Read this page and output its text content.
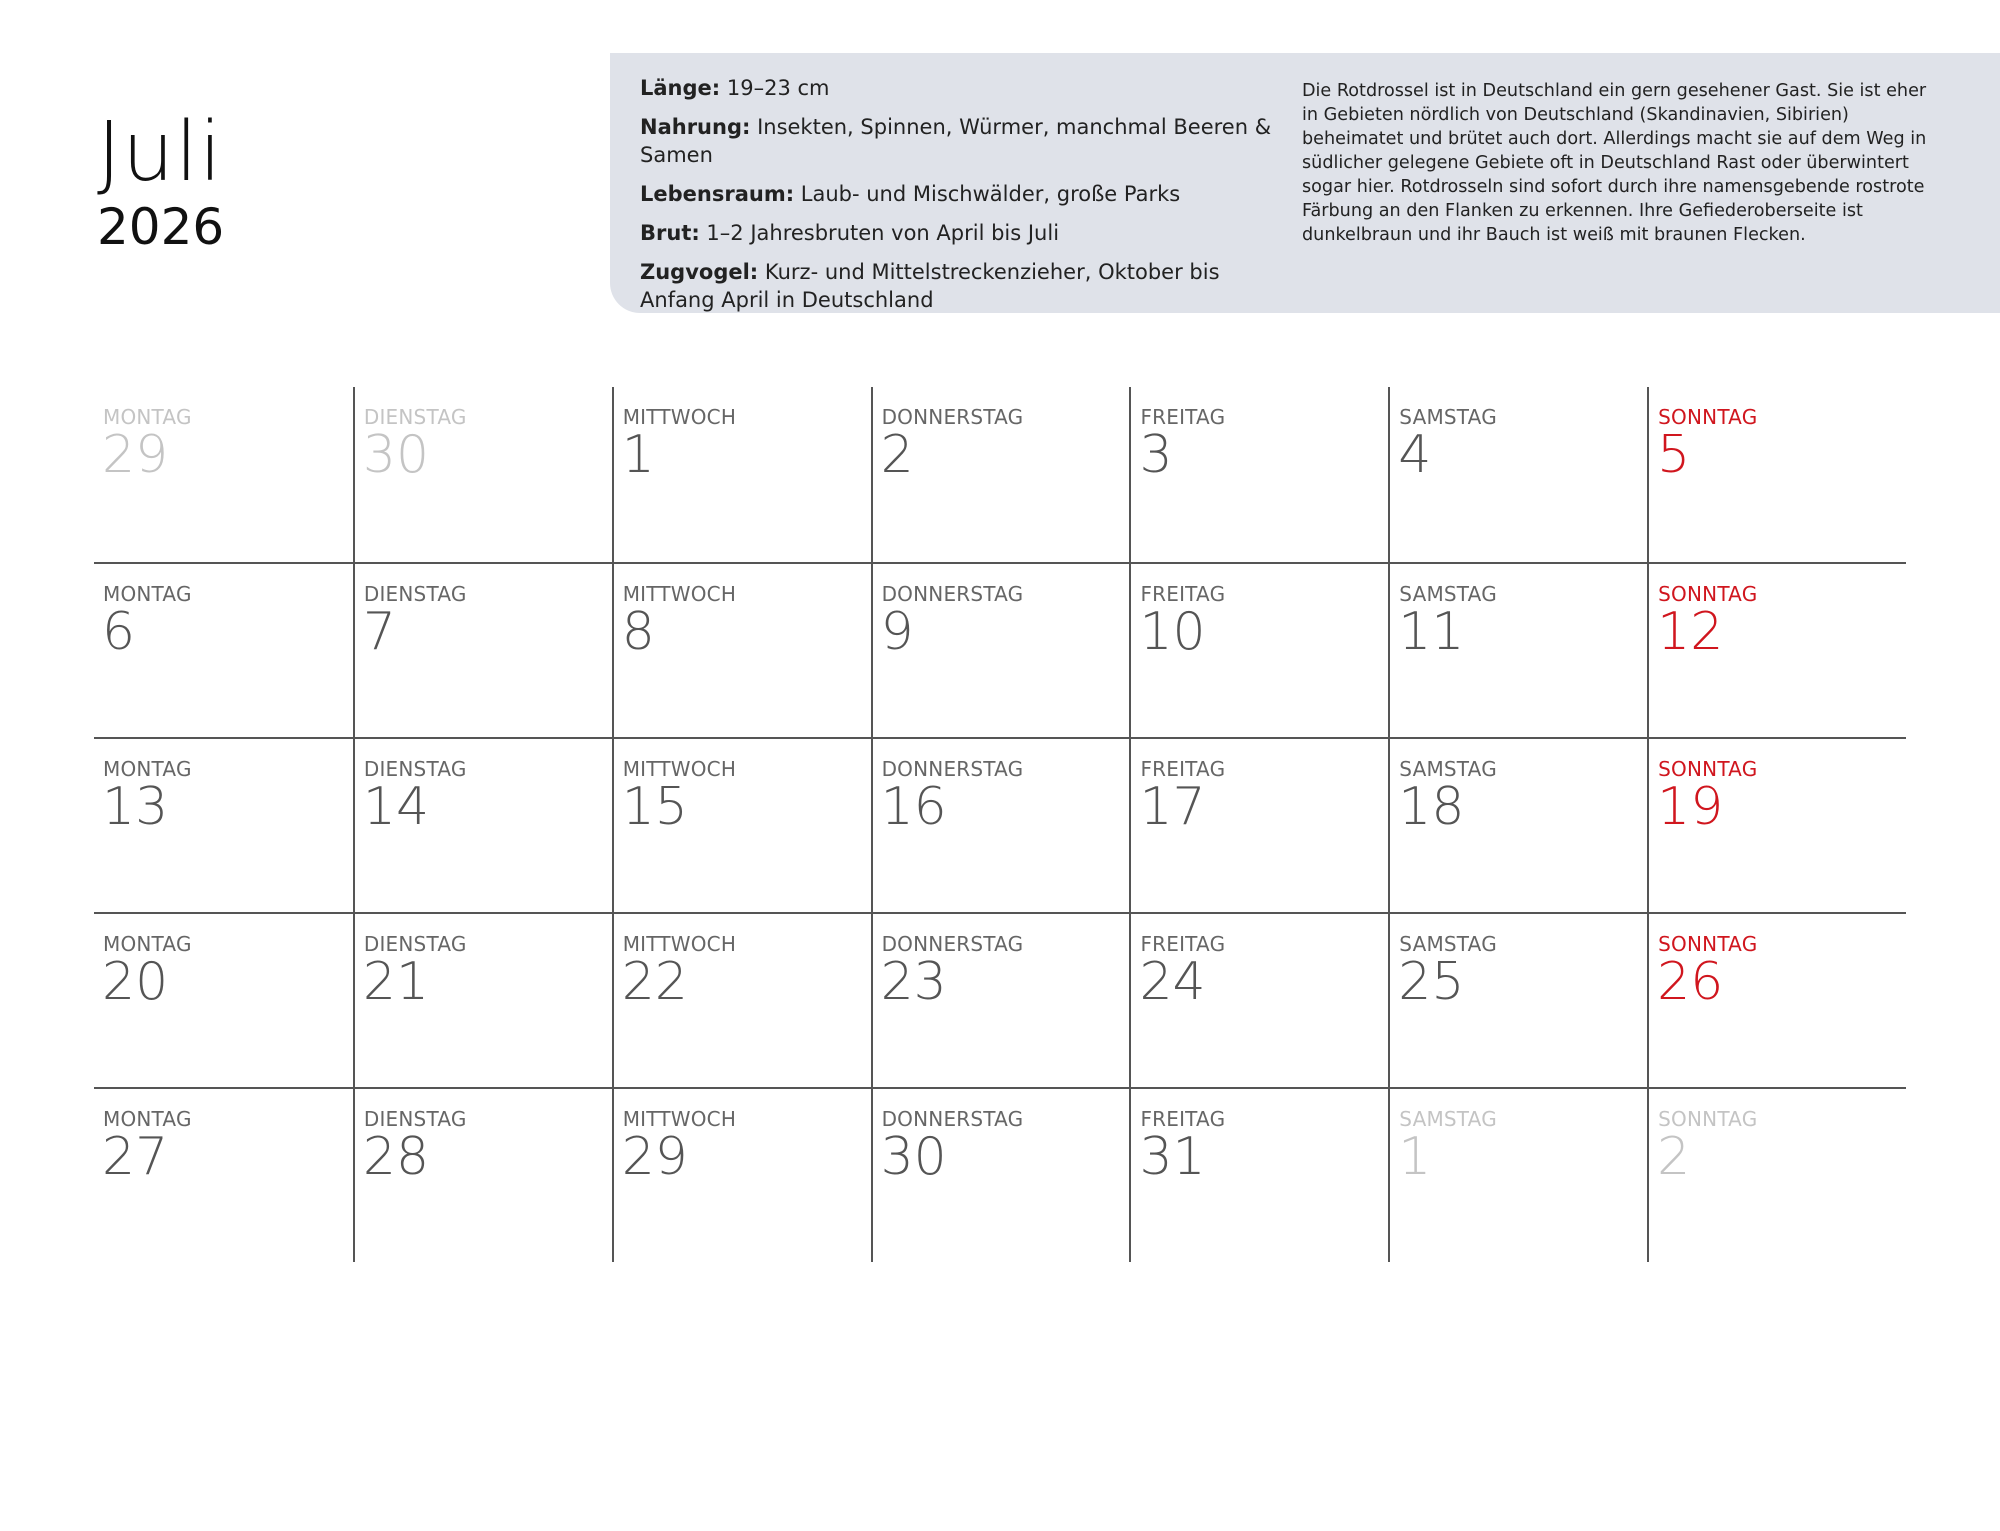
Juli
2026
Länge: 19–23 cm
Nahrung: Insekten, Spinnen, Würmer, manchmal Beeren & Samen
Lebensraum: Laub- und Mischwälder, große Parks
Brut: 1–2 Jahresbruten von April bis Juli
Zugvogel: Kurz- und Mittelstreckenzieher, Oktober bis Anfang April in Deutschland
Die Rotdrossel ist in Deutschland ein gern gesehener Gast. Sie ist eher in Gebieten nördlich von Deutschland (Skandinavien, Sibirien) beheimatet und brütet auch dort. Allerdings macht sie auf dem Weg in südlicher gelegene Gebiete oft in Deutschland Rast oder überwintert sogar hier. Rotdrosseln sind sofort durch ihre namensgebende rostrote Färbung an den Flanken zu erkennen. Ihre Gefiederoberseite ist dunkelbraun und ihr Bauch ist weiß mit braunen Flecken.
MONTAG
29
DIENSTAG
30
MITTWOCH
1
DONNERSTAG
2
FREITAG
3
SAMSTAG
4
SONNTAG
5
MONTAG
6
DIENSTAG
7
MITTWOCH
8
DONNERSTAG
9
FREITAG
10
SAMSTAG
11
SONNTAG
12
MONTAG
13
DIENSTAG
14
MITTWOCH
15
DONNERSTAG
16
FREITAG
17
SAMSTAG
18
SONNTAG
19
MONTAG
20
DIENSTAG
21
MITTWOCH
22
DONNERSTAG
23
FREITAG
24
SAMSTAG
25
SONNTAG
26
MONTAG
27
DIENSTAG
28
MITTWOCH
29
DONNERSTAG
30
FREITAG
31
SAMSTAG
1
SONNTAG
2
